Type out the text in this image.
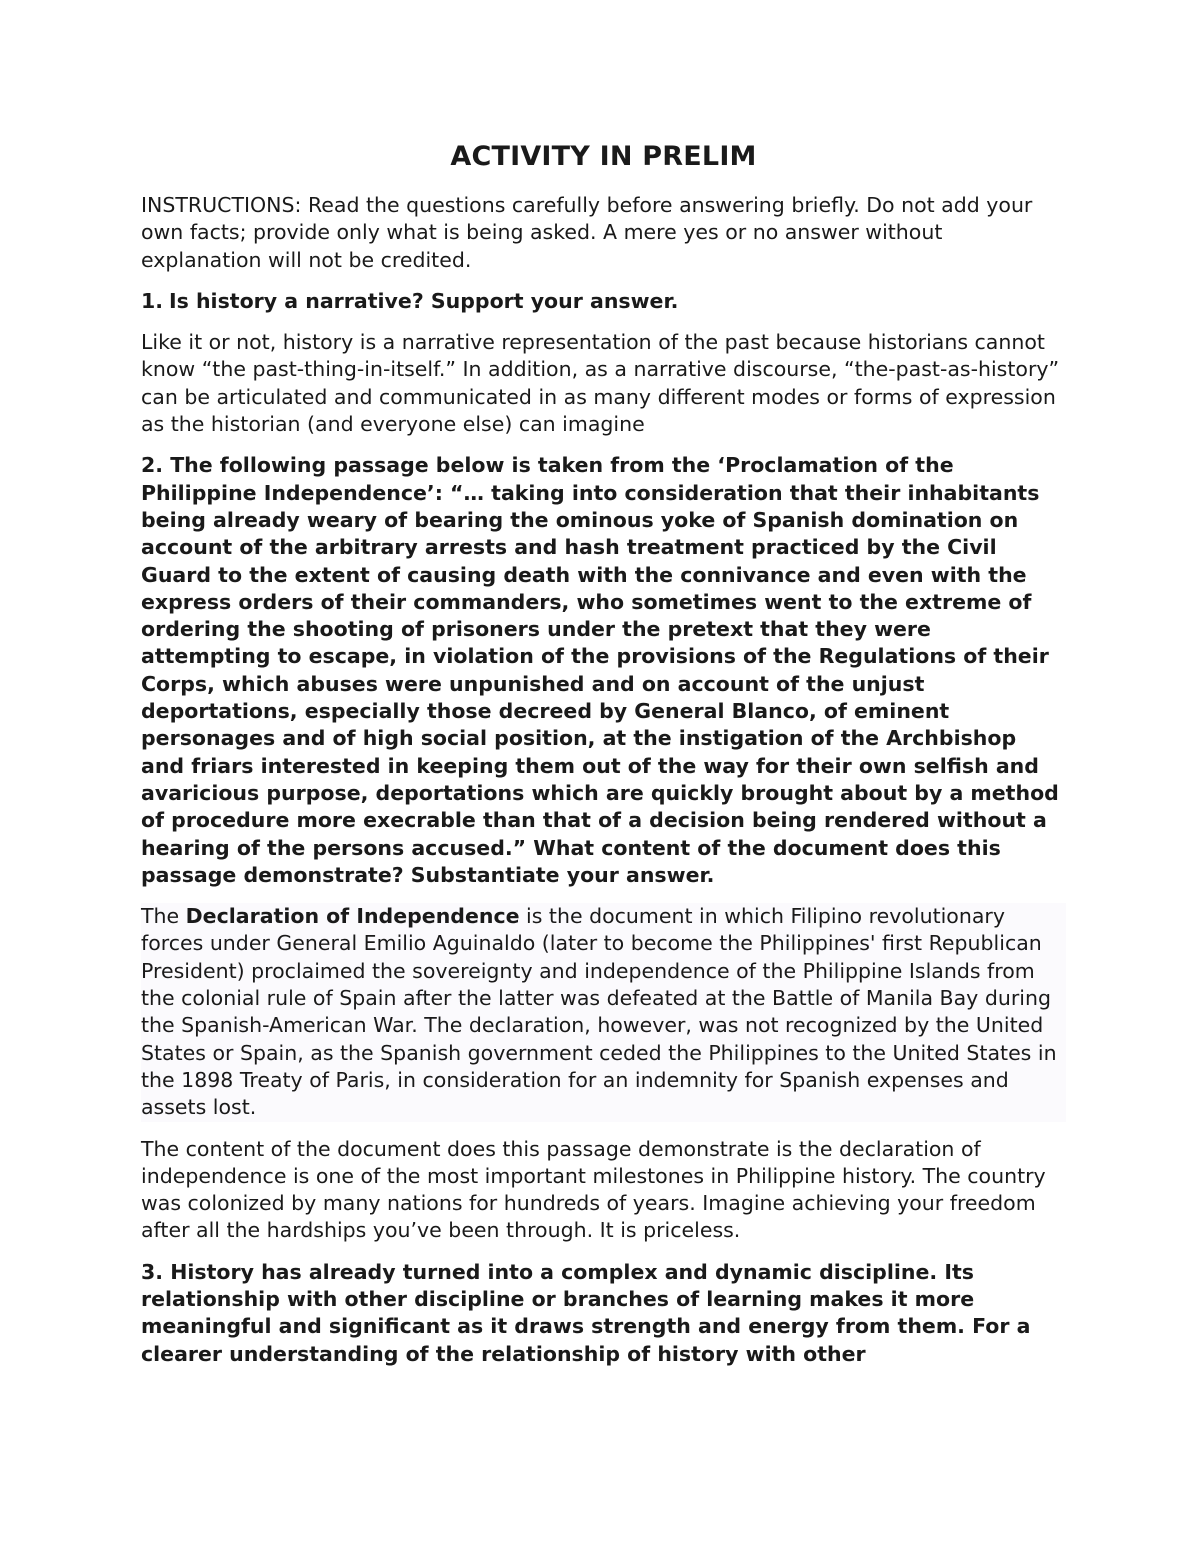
ACTIVITY IN PRELIM

INSTRUCTIONS: Read the questions carefully before answering briefly. Do not add your own facts; provide only what is being asked. A mere yes or no answer without explanation will not be credited.

1. Is history a narrative? Support your answer.

Like it or not, history is a narrative representation of the past because historians cannot know “the past-thing-in-itself.” In addition, as a narrative discourse, “the-past-as-history” can be articulated and communicated in as many different modes or forms of expression as the historian (and everyone else) can imagine

2. The following passage below is taken from the ‘Proclamation of the Philippine Independence’: “… taking into consideration that their inhabitants being already weary of bearing the ominous yoke of Spanish domination on account of the arbitrary arrests and hash treatment practiced by the Civil Guard to the extent of causing death with the connivance and even with the express orders of their commanders, who sometimes went to the extreme of ordering the shooting of prisoners under the pretext that they were attempting to escape, in violation of the provisions of the Regulations of their Corps, which abuses were unpunished and on account of the unjust deportations, especially those decreed by General Blanco, of eminent personages and of high social position, at the instigation of the Archbishop and friars interested in keeping them out of the way for their own selfish and avaricious purpose, deportations which are quickly brought about by a method of procedure more execrable than that of a decision being rendered without a hearing of the persons accused.” What content of the document does this passage demonstrate? Substantiate your answer.

The Declaration of Independence is the document in which Filipino revolutionary forces under General Emilio Aguinaldo (later to become the Philippines' first Republican President) proclaimed the sovereignty and independence of the Philippine Islands from the colonial rule of Spain after the latter was defeated at the Battle of Manila Bay during the Spanish-American War. The declaration, however, was not recognized by the United States or Spain, as the Spanish government ceded the Philippines to the United States in the 1898 Treaty of Paris, in consideration for an indemnity for Spanish expenses and assets lost.

The content of the document does this passage demonstrate is the declaration of independence is one of the most important milestones in Philippine history. The country was colonized by many nations for hundreds of years. Imagine achieving your freedom after all the hardships you’ve been through. It is priceless.

3. History has already turned into a complex and dynamic discipline. Its relationship with other discipline or branches of learning makes it more meaningful and significant as it draws strength and energy from them. For a clearer understanding of the relationship of history with other
